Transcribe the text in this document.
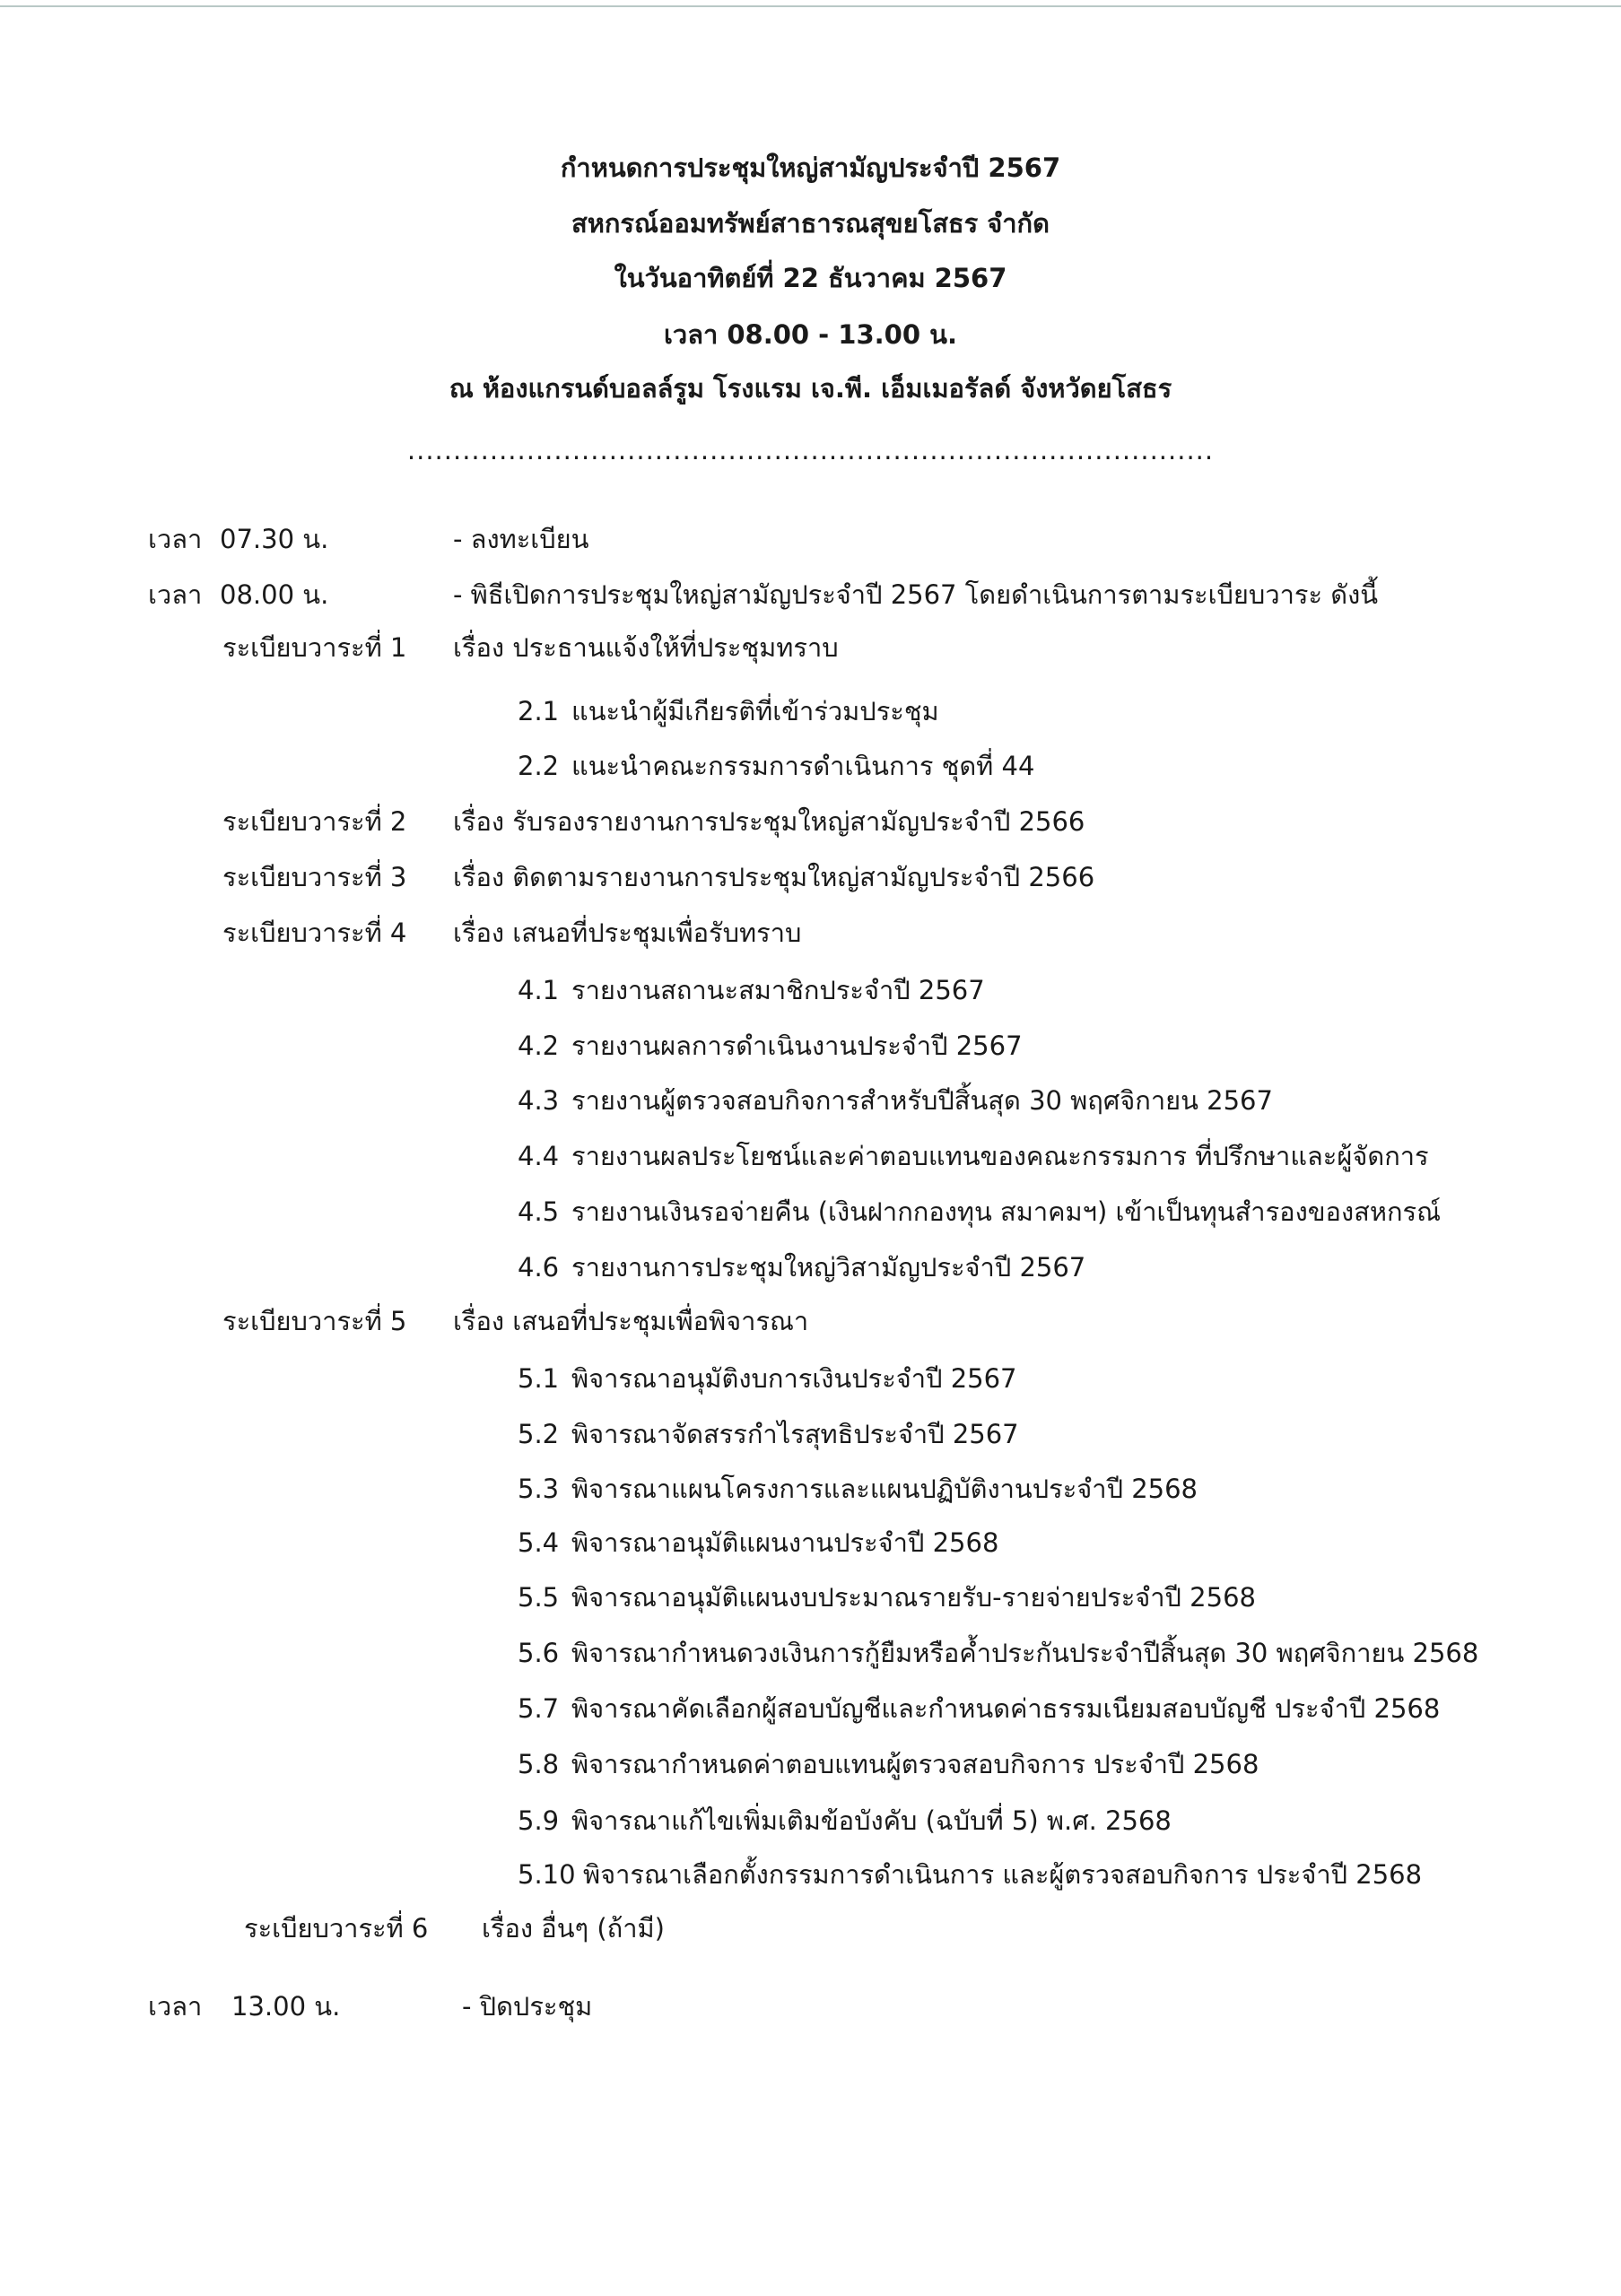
กำหนดการประชุมใหญ่สามัญประจำปี 2567
สหกรณ์ออมทรัพย์สาธารณสุขยโสธร จำกัด
ในวันอาทิตย์ที่ 22 ธันวาคม 2567
เวลา 08.00 - 13.00 น.
ณ ห้องแกรนด์บอลล์รูม โรงแรม เจ.พี. เอ็มเมอรัลด์ จังหวัดยโสธร
........................................................................................
เวลา 07.30 น.	- ลงทะเบียน
เวลา 08.00 น.	- พิธีเปิดการประชุมใหญ่สามัญประจำปี 2567 โดยดำเนินการตามระเบียบวาระ ดังนี้
ระเบียบวาระที่ 1 เรื่อง ประธานแจ้งให้ที่ประชุมทราบ
2.1 แนะนำผู้มีเกียรติที่เข้าร่วมประชุม
2.2 แนะนำคณะกรรมการดำเนินการ ชุดที่ 44
ระเบียบวาระที่ 2 เรื่อง รับรองรายงานการประชุมใหญ่สามัญประจำปี 2566
ระเบียบวาระที่ 3 เรื่อง ติดตามรายงานการประชุมใหญ่สามัญประจำปี 2566
ระเบียบวาระที่ 4 เรื่อง เสนอที่ประชุมเพื่อรับทราบ
4.1 รายงานสถานะสมาชิกประจำปี 2567
4.2 รายงานผลการดำเนินงานประจำปี 2567
4.3 รายงานผู้ตรวจสอบกิจการสำหรับปีสิ้นสุด 30 พฤศจิกายน 2567
4.4 รายงานผลประโยชน์และค่าตอบแทนของคณะกรรมการ ที่ปรึกษาและผู้จัดการ
4.5 รายงานเงินรอจ่ายคืน (เงินฝากกองทุน สมาคมฯ) เข้าเป็นทุนสำรองของสหกรณ์
4.6 รายงานการประชุมใหญ่วิสามัญประจำปี 2567
ระเบียบวาระที่ 5 เรื่อง เสนอที่ประชุมเพื่อพิจารณา
5.1 พิจารณาอนุมัติงบการเงินประจำปี 2567
5.2 พิจารณาจัดสรรกำไรสุทธิประจำปี 2567
5.3 พิจารณาแผนโครงการและแผนปฏิบัติงานประจำปี 2568
5.4 พิจารณาอนุมัติแผนงานประจำปี 2568
5.5 พิจารณาอนุมัติแผนงบประมาณรายรับ-รายจ่ายประจำปี 2568
5.6 พิจารณากำหนดวงเงินการกู้ยืมหรือค้ำประกันประจำปีสิ้นสุด 30 พฤศจิกายน 2568
5.7 พิจารณาคัดเลือกผู้สอบบัญชีและกำหนดค่าธรรมเนียมสอบบัญชี ประจำปี 2568
5.8 พิจารณากำหนดค่าตอบแทนผู้ตรวจสอบกิจการ ประจำปี 2568
5.9 พิจารณาแก้ไขเพิ่มเติมข้อบังคับ (ฉบับที่ 5) พ.ศ. 2568
5.10 พิจารณาเลือกตั้งกรรมการดำเนินการ และผู้ตรวจสอบกิจการ ประจำปี 2568
ระเบียบวาระที่ 6 เรื่อง อื่นๆ (ถ้ามี)
เวลา 13.00 น.	- ปิดประชุม
